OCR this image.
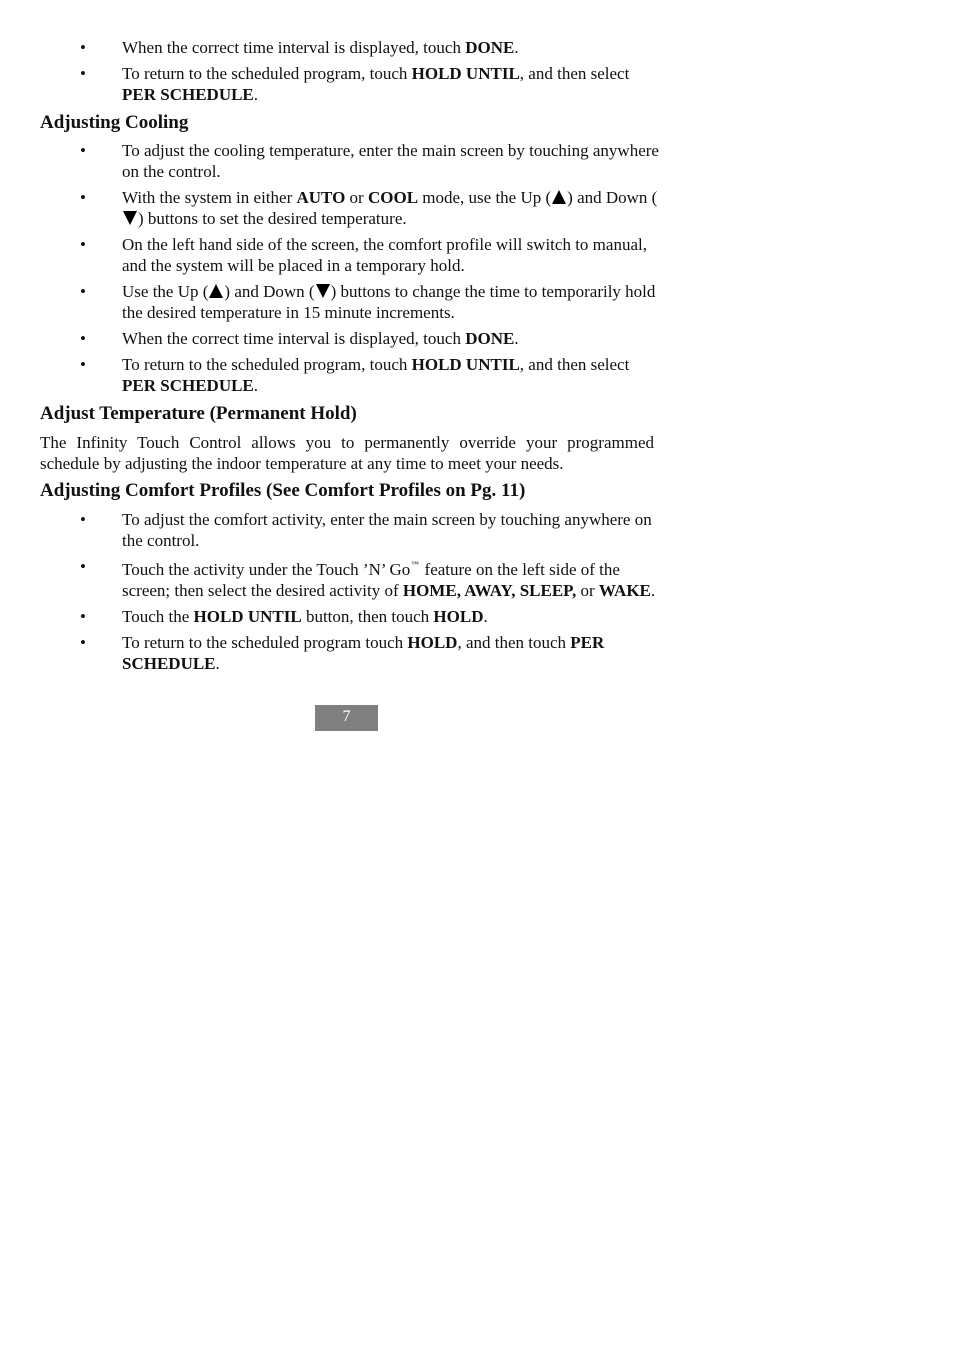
• When the correct time interval is displayed, touch DONE.
• To return to the scheduled program, touch HOLD UNTIL, and then select PER SCHEDULE.
Adjusting Cooling
• To adjust the cooling temperature, enter the main screen by touching anywhere on the control.
• With the system in either AUTO or COOL mode, use the Up ( ) and Down () buttons to set the desired temperature.
• On the left hand side of the screen, the comfort profile will switch to manual, and the system will be placed in a temporary hold.
• Use the Up ( ) and Down ( ) buttons to change the time to temporarily hold the desired temperature in 15 minute increments.
• When the correct time interval is displayed, touch DONE.
• To return to the scheduled program, touch HOLD UNTIL, and then select PER SCHEDULE.
Adjust Temperature (Permanent Hold)
The Infinity Touch Control allows you to permanently override your programmed schedule by adjusting the indoor temperature at any time to meet your needs.
Adjusting Comfort Profiles (See Comfort Profiles on Pg. 11)
• To adjust the comfort activity, enter the main screen by touching anywhere on the control.
• Touch the activity under the Touch ’N’ Go™ feature on the left side of the screen; then select the desired activity of HOME, AWAY, SLEEP, or WAKE.
• Touch the HOLD UNTIL button, then touch HOLD.
• To return to the scheduled program touch HOLD, and then touch PER SCHEDULE.
7
